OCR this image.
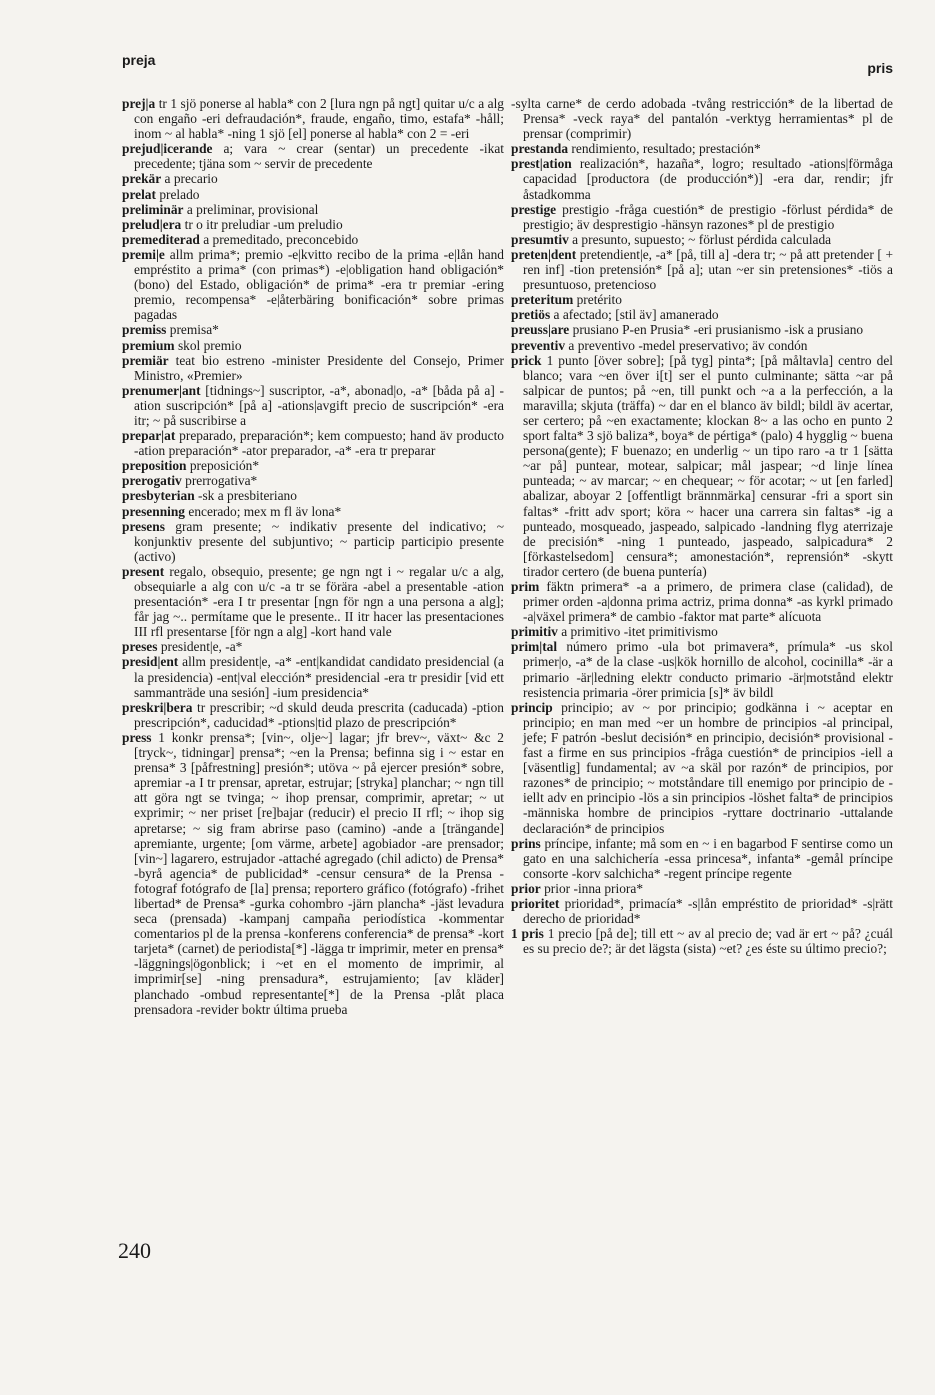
preja	pris
prej|a tr 1 sjö ponerse al habla* con 2 [lura ngn på ngt] quitar u/c a alg con engaño -eri defraudación*, fraude, engaño, timo, estafa* -håll; inom ~ al habla* -ning 1 sjö [el] ponerse al habla* con 2 = -eri
prejud|icerande a; vara ~ crear (sentar) un precedente -ikat precedente; tjäna som ~ servir de precedente
prekär a precario
prelat prelado
preliminär a preliminar, provisional
prelud|era tr o itr preludiar -um preludio
premediterad a premeditado, preconcebido
premi|e allm prima*; premio -e|kvitto recibo de la prima -e|lån hand empréstito a prima* (con primas*) -e|obligation hand obligación* (bono) del Estado, obligación* de prima* -era tr premiar -ering premio, recompensa* -e|återbäring bonificación* sobre primas pagadas
premiss premisa*
premium skol premio
premiär teat bio estreno -minister Presidente del Consejo, Primer Ministro, «Premier»
prenumer|ant [tidnings~] suscriptor, -a*, abonad|o, -a* [båda på a] -ation suscripción* [på a] -ations|avgift precio de suscripción* -era itr; ~ på suscribirse a
prepar|at preparado, preparación*; kem compuesto; hand äv producto -ation preparación* -ator preparador, -a* -era tr preparar
preposition preposición*
prerogativ prerrogativa*
presbyterian -sk a presbiteriano
presenning encerado; mex m fl äv lona*
presens gram presente; ~ indikativ presente del indicativo; ~ konjunktiv presente del subjuntivo; ~ particip participio presente (activo)
present regalo, obsequio, presente; ge ngn ngt i ~ regalar u/c a alg, obsequiarle a alg con u/c -a tr se förära -abel a presentable -ation presentación* -era I tr presentar [ngn för ngn a una persona a alg]; får jag ~.. permítame que le presente.. II itr hacer las presentaciones III rfl presentarse [för ngn a alg] -kort hand vale
preses president|e, -a*
presid|ent allm president|e, -a* -ent|kandidat candidato presidencial (a la presidencia) -ent|val elección* presidencial -era tr presidir [vid ett sammanträde una sesión] -ium presidencia*
preskri|bera tr prescribir; ~d skuld deuda prescrita (caducada) -ption prescripción*, caducidad* -ptions|tid plazo de prescripción*
press 1 konkr prensa*; [vin~, olje~] lagar; jfr brev~, växt~ &c 2 [tryck~, tidningar] prensa*; ~en la Prensa; befinna sig i ~ estar en prensa* 3 [påfrestning] presión*; utöva ~ på ejercer presión* sobre, apremiar -a I tr prensar, apretar, estrujar; [stryka] planchar; ~ ngn till att göra ngt se tvinga; ~ ihop prensar, comprimir, apretar; ~ ut exprimir; ~ ner priset [re]bajar (reducir) el precio II rfl; ~ ihop sig apretarse; ~ sig fram abrirse paso (camino) -ande a [trängande] apremiante, urgente; [om värme, arbete] agobiador -are prensador; [vin~] lagarero, estrujador -attaché agregado (chil adicto) de Prensa* -byrå agencia* de publicidad* -censur censura* de la Prensa -fotograf fotógrafo de [la] prensa; reportero gráfico (fotógrafo) -frihet libertad* de Prensa* -gurka cohombro -järn plancha* -jäst levadura seca (prensada) -kampanj campaña periodística -kommentar comentarios pl de la prensa -konferens conferencia* de prensa* -kort tarjeta* (carnet) de periodista[*] -lägga tr imprimir, meter en prensa* -läggnings|ögonblick; i ~et en el momento de imprimir, al imprimir[se] -ning prensadura*, estrujamiento; [av kläder] planchado -ombud representante[*] de la Prensa -plåt placa prensadora -revider boktr última prueba
-sylta carne* de cerdo adobada -tvång restricción* de la libertad de Prensa* -veck raya* del pantalón -verktyg herramientas* pl de prensar (comprimir)
prestanda rendimiento, resultado; prestación*
prest|ation realización*, hazaña*, logro; resultado -ations|förmåga capacidad [productora (de producción*)] -era dar, rendir; jfr åstadkomma
prestige prestigio -fråga cuestión* de prestigio -förlust pérdida* de prestigio; äv desprestigio -hänsyn razones* pl de prestigio
presumtiv a presunto, supuesto; ~ förlust pérdida calculada
preten|dent pretendient|e, -a* [på, till a] -dera tr; ~ på att pretender [ + ren inf] -tion pretensión* [på a]; utan ~er sin pretensiones* -tiös a presuntuoso, pretencioso
preteritum pretérito
pretiös a afectado; [stil äv] amanerado
preuss|are prusiano P-en Prusia* -eri prusianismo -isk a prusiano
preventiv a preventivo -medel preservativo; äv condón
prick 1 punto [över sobre]; [på tyg] pinta*; [på måltavla] centro del blanco; vara ~en över i[t] ser el punto culminante; sätta ~ar på salpicar de puntos; på ~en, till punkt och ~a a la perfección, a la maravilla; skjuta (träffa) ~ dar en el blanco äv bildl; bildl äv acertar, ser certero; på ~en exactamente; klockan 8~ a las ocho en punto 2 sport falta* 3 sjö baliza*, boya* de pértiga* (palo) 4 hygglig ~ buena persona(gente); F buenazo; en underlig ~ un tipo raro -a tr 1 [sätta ~ar på] puntear, motear, salpicar; mål jaspear; ~d linje línea punteada; ~ av marcar; ~ en chequear; ~ för acotar; ~ ut [en farled] abalizar, aboyar 2 [offentligt brännmärka] censurar -fri a sport sin faltas* -fritt adv sport; köra ~ hacer una carrera sin faltas* -ig a punteado, mosqueado, jaspeado, salpicado -landning flyg aterrizaje de precisión* -ning 1 punteado, jaspeado, salpicadura* 2 [förkastelsedom] censura*; amonestación*, reprensión* -skytt tirador certero (de buena puntería)
prim fäktn primera* -a a primero, de primera clase (calidad), de primer orden -a|donna prima actriz, prima donna* -as kyrkl primado -a|växel primera* de cambio -faktor mat parte* alícuota
primitiv a primitivo -itet primitivismo
prim|tal número primo -ula bot primavera*, prímula* -us skol primer|o, -a* de la clase -us|kök hornillo de alcohol, cocinilla* -är a primario -är|ledning elektr conducto primario -är|motstånd elektr resistencia primaria -örer primicia [s]* äv bildl
princip principio; av ~ por principio; godkänna i ~ aceptar en principio; en man med ~er un hombre de principios -al principal, jefe; F patrón -beslut decisión* en principio, decisión* provisional -fast a firme en sus principios -fråga cuestión* de principios -iell a [väsentlig] fundamental; av ~a skäl por razón* de principios, por razones* de principio; ~ motståndare till enemigo por principio de -iellt adv en principio -lös a sin principios -löshet falta* de principios -människa hombre de principios -ryttare doctrinario -uttalande declaración* de principios
prins príncipe, infante; må som en ~ i en bagarbod F sentirse como un gato en una salchichería -essa princesa*, infanta* -gemål príncipe consorte -korv salchicha* -regent príncipe regente
prior prior -inna priora*
prioritet prioridad*, primacía* -s|lån empréstito de prioridad* -s|rätt derecho de prioridad*
1 pris 1 precio [på de]; till ett ~ av al precio de; vad är ert ~ på? ¿cuál es su precio de?; är det lägsta (sista) ~et? ¿es éste su último precio?;
240
